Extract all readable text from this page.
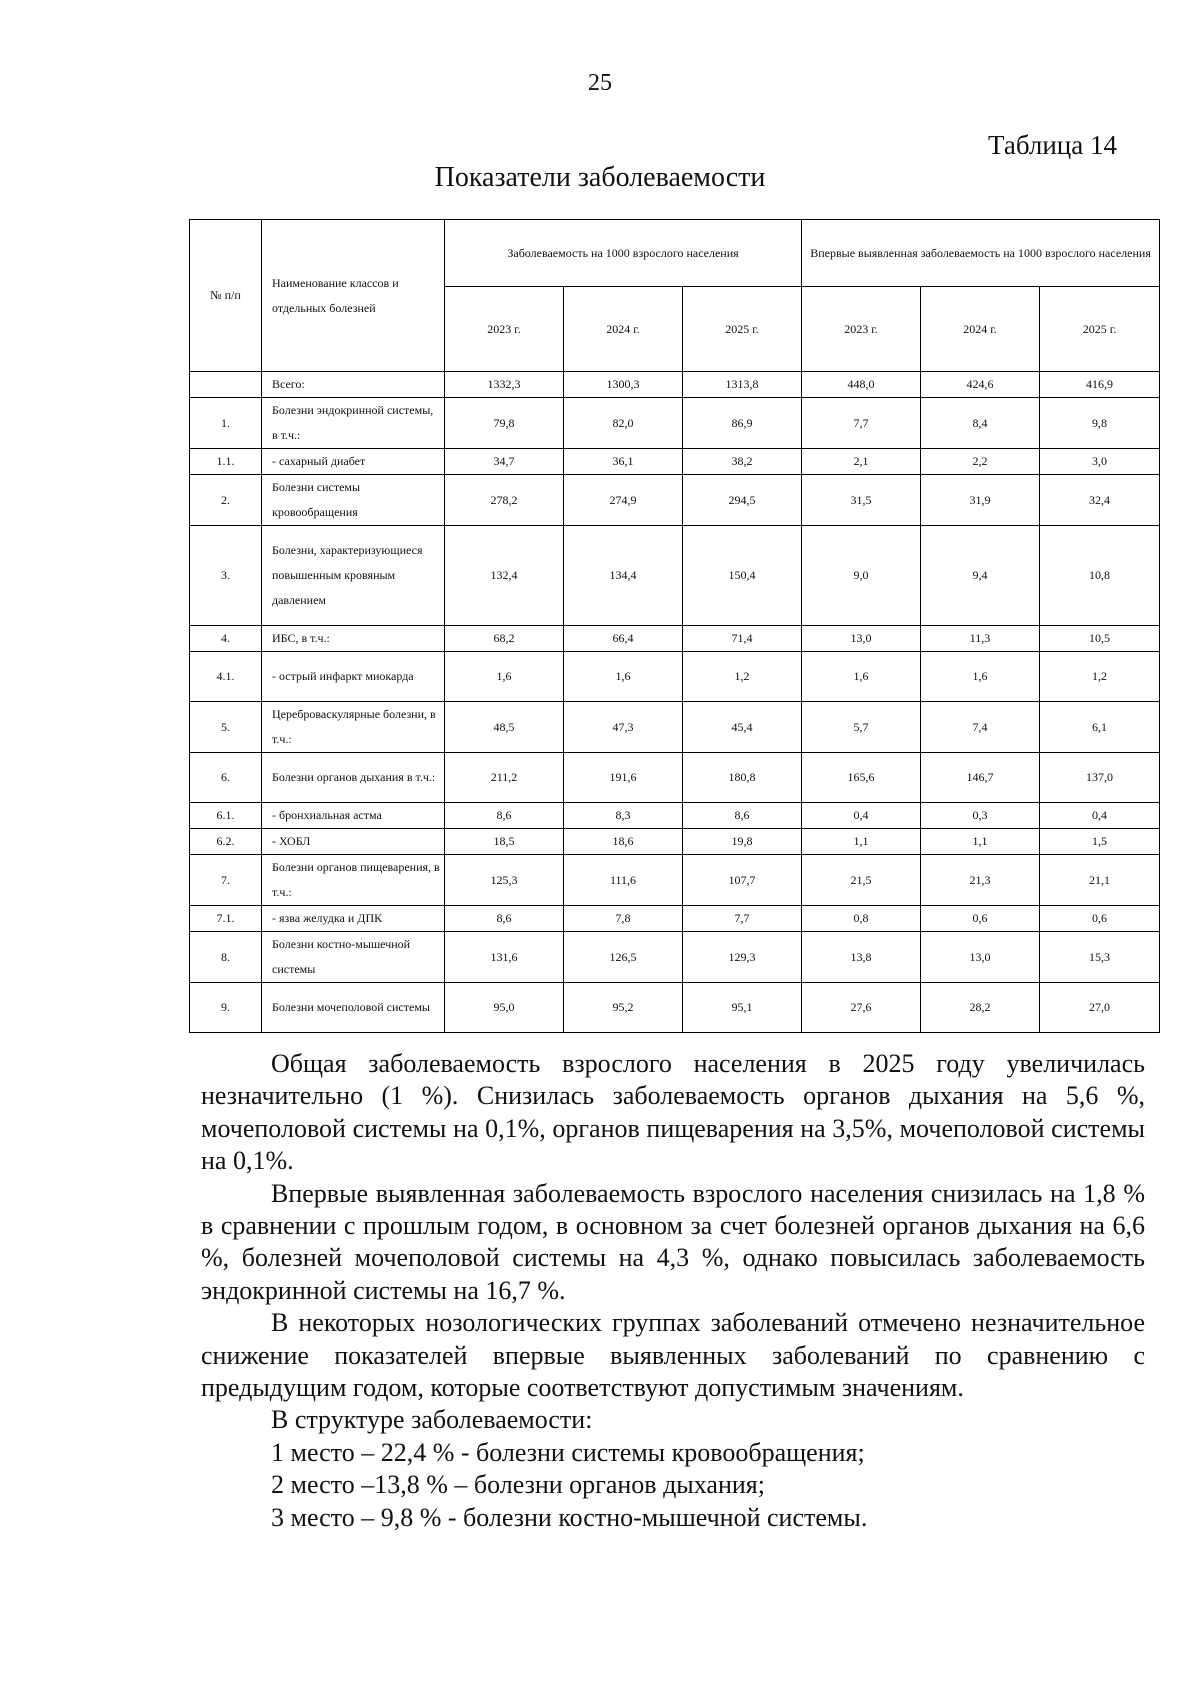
25
Таблица 14
Показатели заболеваемости
№ п/п	Наименование классов и отдельных болезней	Заболеваемость на 1000 взрослого населения			Впервые выявленная заболеваемость на 1000 взрослого населения		
		2023 г.	2024 г.	2025 г.	2023 г.	2024 г.	2025 г.
	Всего:	1332,3	1300,3	1313,8	448,0	424,6	416,9
1.	Болезни эндокринной системы, в т.ч.:	79,8	82,0	86,9	7,7	8,4	9,8
1.1.	- сахарный диабет	34,7	36,1	38,2	2,1	2,2	3,0
2.	Болезни системы кровообращения	278,2	274,9	294,5	31,5	31,9	32,4
3.	Болезни, характеризующиеся повышенным кровяным давлением	132,4	134,4	150,4	9,0	9,4	10,8
4.	ИБС, в т.ч.:	68,2	66,4	71,4	13,0	11,3	10,5
4.1.	- острый инфаркт миокарда	1,6	1,6	1,2	1,6	1,6	1,2
5.	Цереброваскулярные болезни, в т.ч.:	48,5	47,3	45,4	5,7	7,4	6,1
6.	Болезни органов дыхания в т.ч.:	211,2	191,6	180,8	165,6	146,7	137,0
6.1.	- бронхиальная астма	8,6	8,3	8,6	0,4	0,3	0,4
6.2.	- ХОБЛ	18,5	18,6	19,8	1,1	1,1	1,5
7.	Болезни органов пищеварения, в т.ч.:	125,3	111,6	107,7	21,5	21,3	21,1
7.1.	- язва желудка и ДПК	8,6	7,8	7,7	0,8	0,6	0,6
8.	Болезни костно-мышечной системы	131,6	126,5	129,3	13,8	13,0	15,3
9.	Болезни мочеполовой системы	95,0	95,2	95,1	27,6	28,2	27,0

Общая заболеваемость взрослого населения в 2025 году увеличилась незначительно (1 %). Снизилась заболеваемость органов дыхания на 5,6 %, мочеполовой системы на 0,1%, органов пищеварения на 3,5%, мочеполовой системы на 0,1%.

Впервые выявленная заболеваемость взрослого населения снизилась на 1,8 % в сравнении с прошлым годом, в основном за счет болезней органов дыхания на 6,6 %, болезней мочеполовой системы на 4,3 %, однако повысилась заболеваемость эндокринной системы на 16,7 %.

В некоторых нозологических группах заболеваний отмечено незначительное снижение показателей впервые выявленных заболеваний по сравнению с предыдущим годом, которые соответствуют допустимым значениям.

В структуре заболеваемости:

1 место – 22,4 % - болезни системы кровообращения;

2 место –13,8 % – болезни органов дыхания;

3 место – 9,8 % - болезни костно-мышечной системы.
